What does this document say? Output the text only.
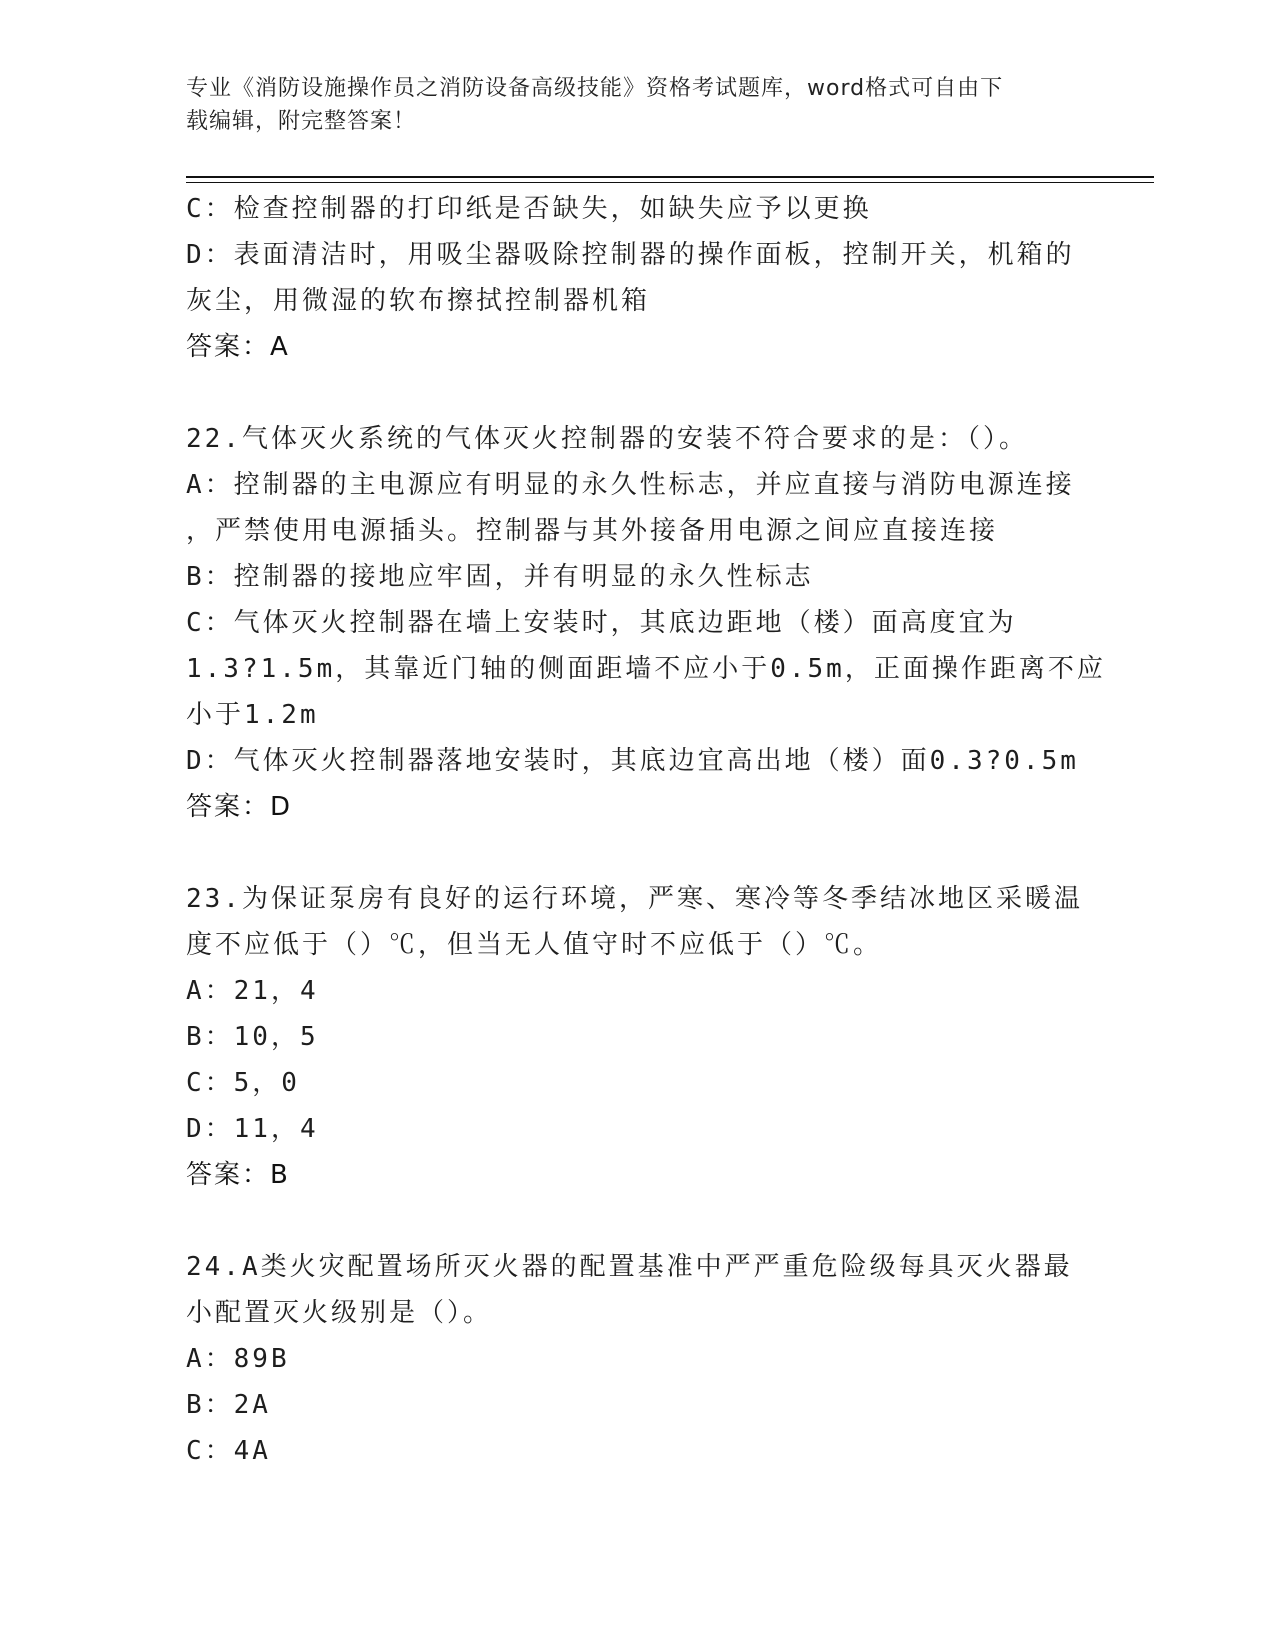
专业《消防设施操作员之消防设备高级技能》资格考试题库，word格式可自由下
载编辑，附完整答案！
C：检查控制器的打印纸是否缺失，如缺失应予以更换
D：表面清洁时，用吸尘器吸除控制器的操作面板，控制开关，机箱的
灰尘，用微湿的软布擦拭控制器机箱
答案：A
22.气体灭火系统的气体灭火控制器的安装不符合要求的是：（）。
A：控制器的主电源应有明显的永久性标志，并应直接与消防电源连接
，严禁使用电源插头。控制器与其外接备用电源之间应直接连接
B：控制器的接地应牢固，并有明显的永久性标志
C：气体灭火控制器在墙上安装时，其底边距地（楼）面高度宜为
1.3?1.5m，其靠近门轴的侧面距墙不应小于0.5m，正面操作距离不应
小于1.2m
D：气体灭火控制器落地安装时，其底边宜高出地（楼）面0.3?0.5m
答案：D
23.为保证泵房有良好的运行环境，严寒、寒冷等冬季结冰地区采暖温
度不应低于（）℃，但当无人值守时不应低于（）℃。
A：21，4
B：10，5
C：5，0
D：11，4
答案：B
24.A类火灾配置场所灭火器的配置基准中严严重危险级每具灭火器最
小配置灭火级别是（）。
A：89B
B：2A
C：4A
